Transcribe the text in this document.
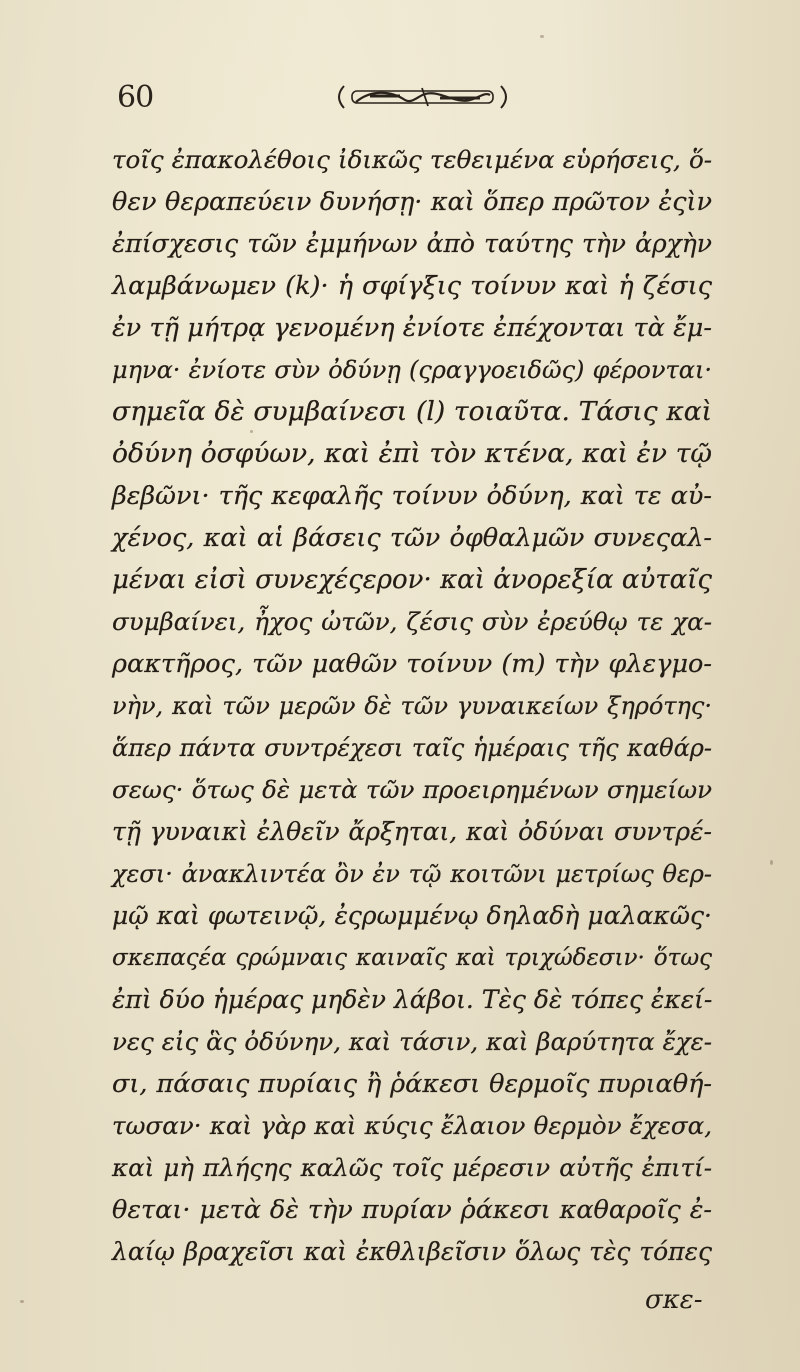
60
τοῖς ἐπακολέθοις ἰδικῶς τεθειμένα εὑρήσεις, ὅ-
θεν θεραπεύειν δυνήσῃ· καὶ ὅπερ πρῶτον ἐςὶν
ἐπίσχεσις τῶν ἐμμήνων ἀπὸ ταύτης τὴν ἀρχὴν
λαμβάνωμεν (k)· ἡ σφίγξις τοίνυν καὶ ἡ ζέσις
ἐν τῇ μήτρᾳ γενομένη ἐνίοτε ἐπέχονται τὰ ἔμ-
μηνα· ἐνίοτε σὺν ὀδύνῃ (ςραγγοειδῶς) φέρονται·
σημεῖα δὲ συμβαίνεσι (l) τοιαῦτα. Τάσις καὶ
ὀδύνη ὀσφύων, καὶ ἐπὶ τὸν κτένα, καὶ ἐν τῷ
βεβῶνι· τῆς κεφαλῆς τοίνυν ὀδύνη, καὶ τε αὐ-
χένος, καὶ αἱ βάσεις τῶν ὀφθαλμῶν συνεςαλ-
μέναι εἰσὶ συνεχέςερον· καὶ ἀνορεξία αὐταῖς
συμβαίνει, ἦχος ὠτῶν, ζέσις σὺν ἐρεύθῳ τε χα-
ρακτῆρος, τῶν μαθῶν τοίνυν (m) τὴν φλεγμο-
νὴν, καὶ τῶν μερῶν δὲ τῶν γυναικείων ξηρότης·
ἅπερ πάντα συντρέχεσι ταῖς ἡμέραις τῆς καθάρ-
σεως· ὅτως δὲ μετὰ τῶν προειρημένων σημείων
τῇ γυναικὶ ἐλθεῖν ἄρξηται, καὶ ὀδύναι συντρέ-
χεσι· ἀνακλιντέα ὂν ἐν τῷ κοιτῶνι μετρίως θερ-
μῷ καὶ φωτεινῷ, ἐςρωμμένῳ δηλαδὴ μαλακῶς·
σκεπαςέα ςρώμναις καιναῖς καὶ τριχώδεσιν· ὅτως
ἐπὶ δύο ἡμέρας μηδὲν λάβοι. Τὲς δὲ τόπες ἐκεί-
νες εἰς ἃς ὀδύνην, καὶ τάσιν, καὶ βαρύτητα ἔχε-
σι, πάσαις πυρίαις ἢ ῥάκεσι θερμοῖς πυριαθή-
τωσαν· καὶ γὰρ καὶ κύςις ἔλαιον θερμὸν ἔχεσα,
καὶ μὴ πλήςης καλῶς τοῖς μέρεσιν αὐτῆς ἐπιτί-
θεται· μετὰ δὲ τὴν πυρίαν ῥάκεσι καθαροῖς ἐ-
λαίῳ βραχεῖσι καὶ ἐκθλιβεῖσιν ὅλως τὲς τόπες
σκε-
